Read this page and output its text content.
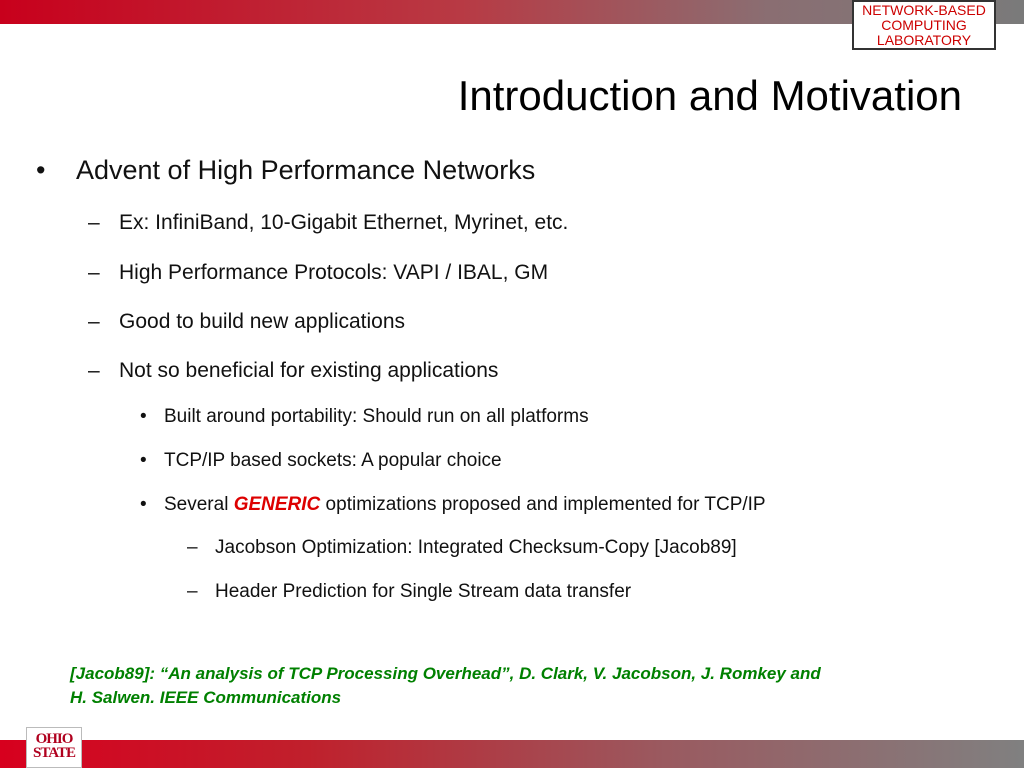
NETWORK-BASED
COMPUTING
LABORATORY
Introduction and Motivation
• Advent of High Performance Networks
– Ex: InfiniBand, 10-Gigabit Ethernet, Myrinet, etc.
– High Performance Protocols: VAPI / IBAL, GM
– Good to build new applications
– Not so beneficial for existing applications
• Built around portability: Should run on all platforms
• TCP/IP based sockets: A popular choice
• Several GENERIC optimizations proposed and implemented for TCP/IP
– Jacobson Optimization: Integrated Checksum-Copy [Jacob89]
– Header Prediction for Single Stream data transfer
[Jacob89]: “An analysis of TCP Processing Overhead”, D. Clark, V. Jacobson, J. Romkey and
H. Salwen. IEEE Communications
OHIO
STATE
